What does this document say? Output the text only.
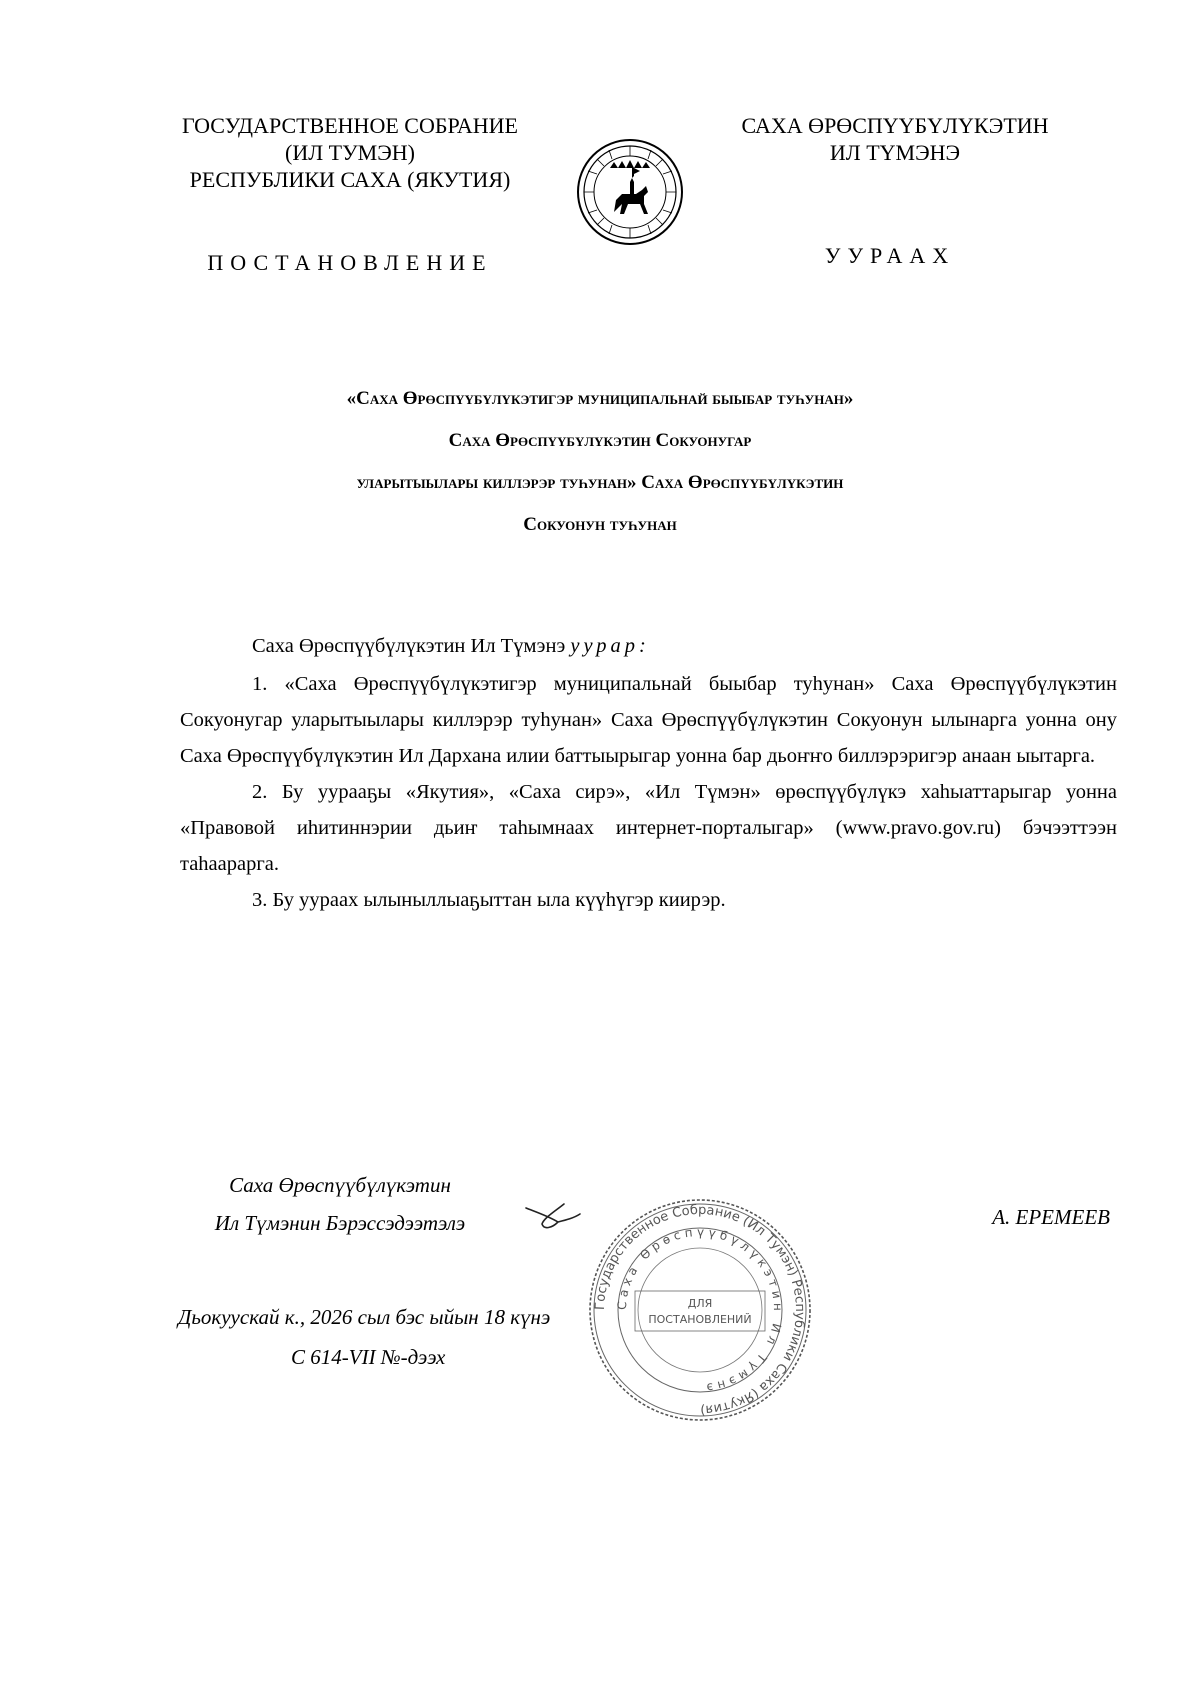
ГОСУДАРСТВЕННОЕ СОБРАНИЕ
(ИЛ ТУМЭН)
РЕСПУБЛИКИ САХА (ЯКУТИЯ)
САХА ӨРӨСПҮҮБҮЛҮКЭТИН
ИЛ ТҮМЭНЭ
ПОСТАНОВЛЕНИЕ	УУРААХ
«Саха Өрөспүүбүлүкэтигэр муниципальнай быыбар туһунан»
Саха Өрөспүүбүлүкэтин Сокуонугар
уларытыылары киллэрэр туһунан» Саха Өрөспүүбүлүкэтин
Сокуонун туһунан

Саха Өрөспүүбүлүкэтин Ил Түмэнэ уурар:

1. «Саха Өрөспүүбүлүкэтигэр муниципальнай быыбар туһунан» Саха Өрөспүүбүлүкэтин Сокуонугар уларытыылары киллэрэр туһунан» Саха Өрөспүүбүлүкэтин Сокуонун ылынарга уонна ону Саха Өрөспүүбүлүкэтин Ил Дархана илии баттыырыгар уонна бар дьоҥҥо биллэрэригэр анаан ыытарга.

2. Бу уурааҕы «Якутия», «Саха сирэ», «Ил Түмэн» өрөспүүбүлүкэ хаһыаттарыгар уонна «Правовой иһитиннэрии дьиҥ таһымнаах интернет-порталыгар» (www.pravo.gov.ru) бэчээттээн таһаарарга.

3. Бу уураах ылыныллыаҕыттан ыла күүһүгэр киирэр.

Саха Өрөспүүбүлүкэтин
Ил Түмэнин Бэрэссэдээтэлэ	А. ЕРЕМЕЕВ
Дьокуускай к., 2026 сыл бэс ыйын 18 күнэ
С 614-VII №-дээх
Государственное Собрание (Ил Тумэн) Республики Саха (Якутия)
Саха Өрөспүүбүлүкэтин Ил Түмэнэ
ДЛЯ
ПОСТАНОВЛЕНИЙ
